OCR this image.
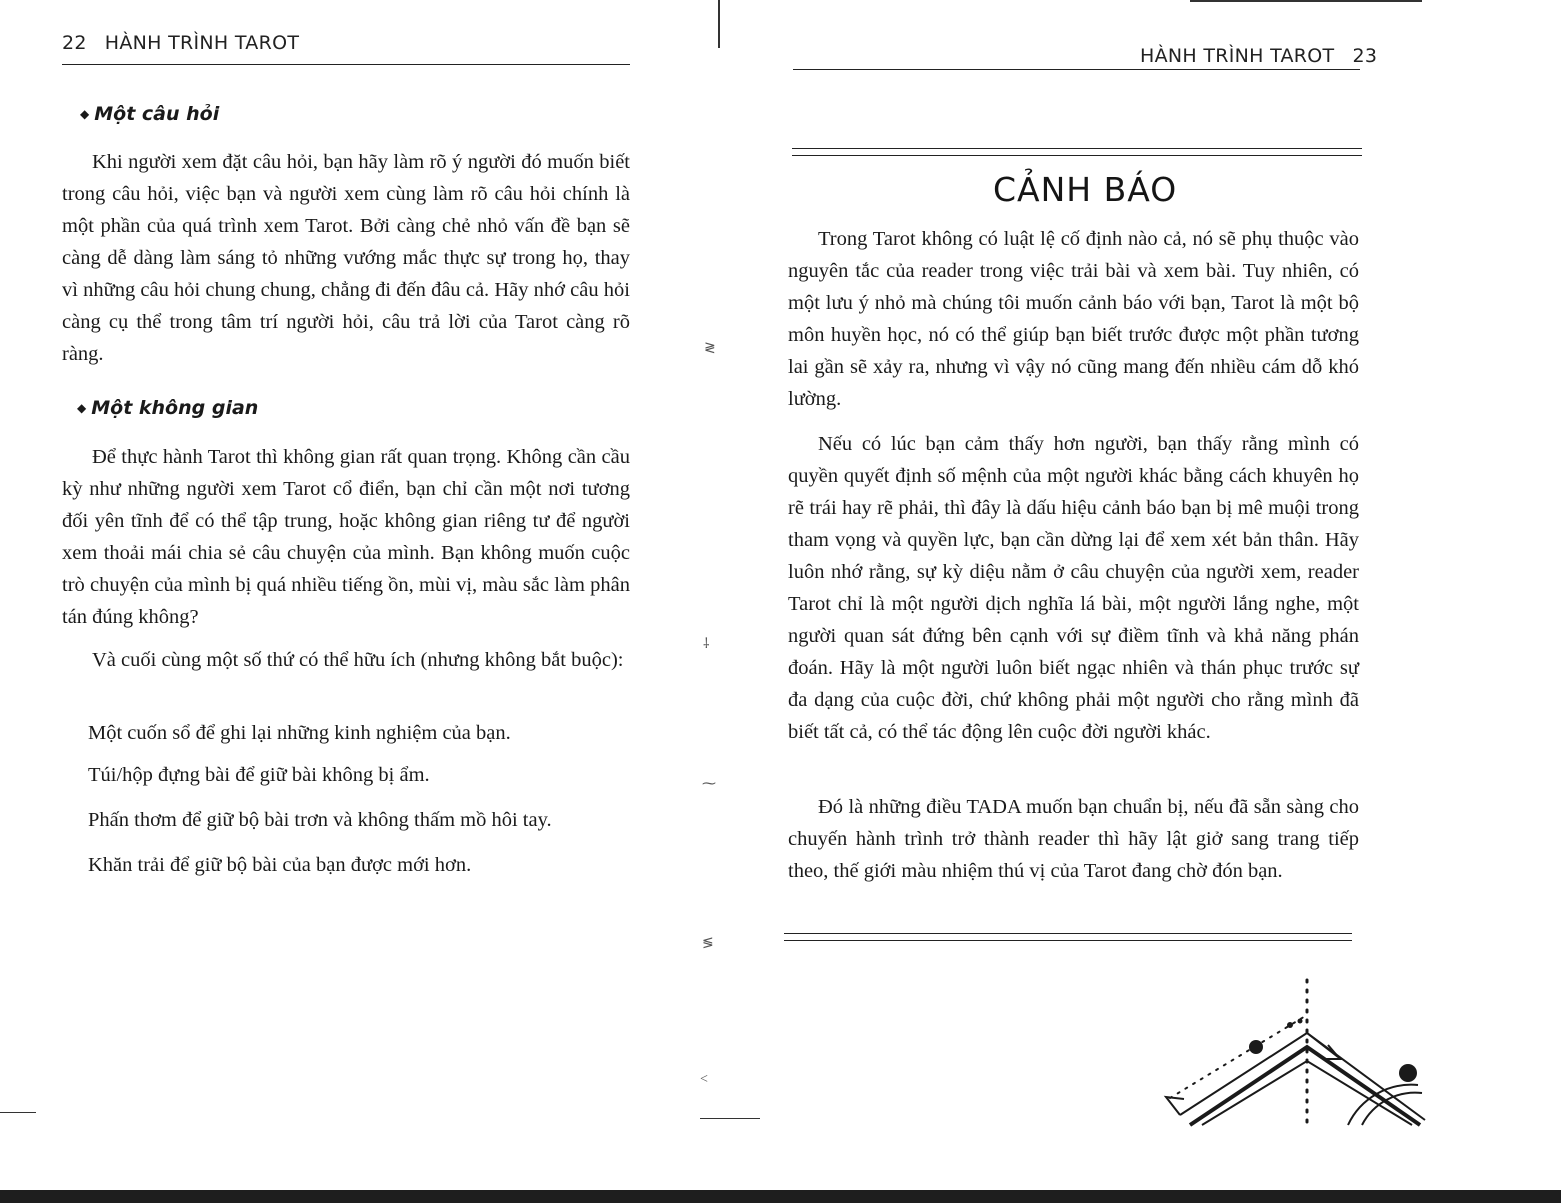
22 HÀNH TRÌNH TAROT
◆ Một câu hỏi

Khi người xem đặt câu hỏi, bạn hãy làm rõ ý người đó muốn biết trong câu hỏi, việc bạn và người xem cùng làm rõ câu hỏi chính là một phần của quá trình xem Tarot. Bởi càng chẻ nhỏ vấn đề bạn sẽ càng dễ dàng làm sáng tỏ những vướng mắc thực sự trong họ, thay vì những câu hỏi chung chung, chẳng đi đến đâu cả. Hãy nhớ câu hỏi càng cụ thể trong tâm trí người hỏi, câu trả lời của Tarot càng rõ ràng.

◆ Một không gian

Để thực hành Tarot thì không gian rất quan trọng. Không cần cầu kỳ như những người xem Tarot cổ điển, bạn chỉ cần một nơi tương đối yên tĩnh để có thể tập trung, hoặc không gian riêng tư để người xem thoải mái chia sẻ câu chuyện của mình. Bạn không muốn cuộc trò chuyện của mình bị quá nhiều tiếng ồn, mùi vị, màu sắc làm phân tán đúng không?

Và cuối cùng một số thứ có thể hữu ích (nhưng không bắt buộc):

Một cuốn sổ để ghi lại những kinh nghiệm của bạn.

Túi/hộp đựng bài để giữ bài không bị ẩm.

Phấn thơm để giữ bộ bài trơn và không thấm mồ hôi tay.

Khăn trải để giữ bộ bài của bạn được mới hơn.

≷
⸸
⁓
≶
˂
HÀNH TRÌNH TAROT 23
CẢNH BÁO

Trong Tarot không có luật lệ cố định nào cả, nó sẽ phụ thuộc vào nguyên tắc của reader trong việc trải bài và xem bài. Tuy nhiên, có một lưu ý nhỏ mà chúng tôi muốn cảnh báo với bạn, Tarot là một bộ môn huyền học, nó có thể giúp bạn biết trước được một phần tương lai gần sẽ xảy ra, nhưng vì vậy nó cũng mang đến nhiều cám dỗ khó lường.

Nếu có lúc bạn cảm thấy hơn người, bạn thấy rằng mình có quyền quyết định số mệnh của một người khác bằng cách khuyên họ rẽ trái hay rẽ phải, thì đây là dấu hiệu cảnh báo bạn bị mê muội trong tham vọng và quyền lực, bạn cần dừng lại để xem xét bản thân. Hãy luôn nhớ rằng, sự kỳ diệu nằm ở câu chuyện của người xem, reader Tarot chỉ là một người dịch nghĩa lá bài, một người lắng nghe, một người quan sát đứng bên cạnh với sự điềm tĩnh và khả năng phán đoán. Hãy là một người luôn biết ngạc nhiên và thán phục trước sự đa dạng của cuộc đời, chứ không phải một người cho rằng mình đã biết tất cả, có thể tác động lên cuộc đời người khác.

Đó là những điều TADA muốn bạn chuẩn bị, nếu đã sẵn sàng cho chuyến hành trình trở thành reader thì hãy lật giở sang trang tiếp theo, thế giới màu nhiệm thú vị của Tarot đang chờ đón bạn.
